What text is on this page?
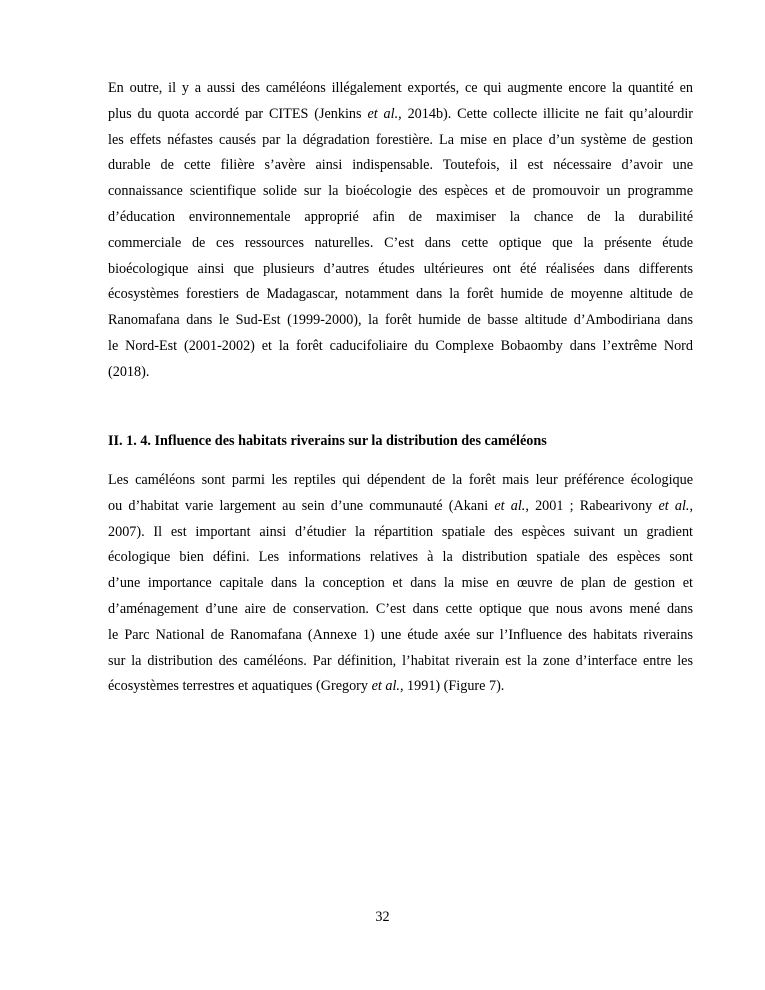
En outre, il y a aussi des caméléons illégalement exportés, ce qui augmente encore la quantité en
plus du quota accordé par CITES (Jenkins et al., 2014b). Cette collecte illicite ne fait qu’alourdir
les effets néfastes causés par la dégradation forestière. La mise en place d’un système de gestion
durable de cette filière s’avère ainsi indispensable. Toutefois, il est nécessaire d’avoir une
connaissance scientifique solide sur la bioécologie des espèces et de promouvoir un programme
d’éducation environnementale approprié afin de maximiser la chance de la durabilité
commerciale de ces ressources naturelles. C’est dans cette optique que la présente étude
bioécologique ainsi que plusieurs d’autres études ultérieures ont été réalisées dans differents
écosystèmes forestiers de Madagascar, notamment dans la forêt humide de moyenne altitude de
Ranomafana dans le Sud-Est (1999-2000), la forêt humide de basse altitude d’Ambodiriana dans
le Nord-Est (2001-2002) et la forêt caducifoliaire du Complexe Bobaomby dans l’extrême Nord
(2018).
II. 1. 4. Influence des habitats riverains sur la distribution des caméléons
Les caméléons sont parmi les reptiles qui dépendent de la forêt mais leur préférence écologique
ou d’habitat varie largement au sein d’une communauté (Akani et al., 2001 ; Rabearivony et al.,
2007). Il est important ainsi d’étudier la répartition spatiale des espèces suivant un gradient
écologique bien défini. Les informations relatives à la distribution spatiale des espèces sont
d’une importance capitale dans la conception et dans la mise en œuvre de plan de gestion et
d’aménagement d’une aire de conservation. C’est dans cette optique que nous avons mené dans
le Parc National de Ranomafana (Annexe 1) une étude axée sur l’Influence des habitats riverains
sur la distribution des caméléons. Par définition, l’habitat riverain est la zone d’interface entre les
écosystèmes terrestres et aquatiques (Gregory et al., 1991) (Figure 7).
32
